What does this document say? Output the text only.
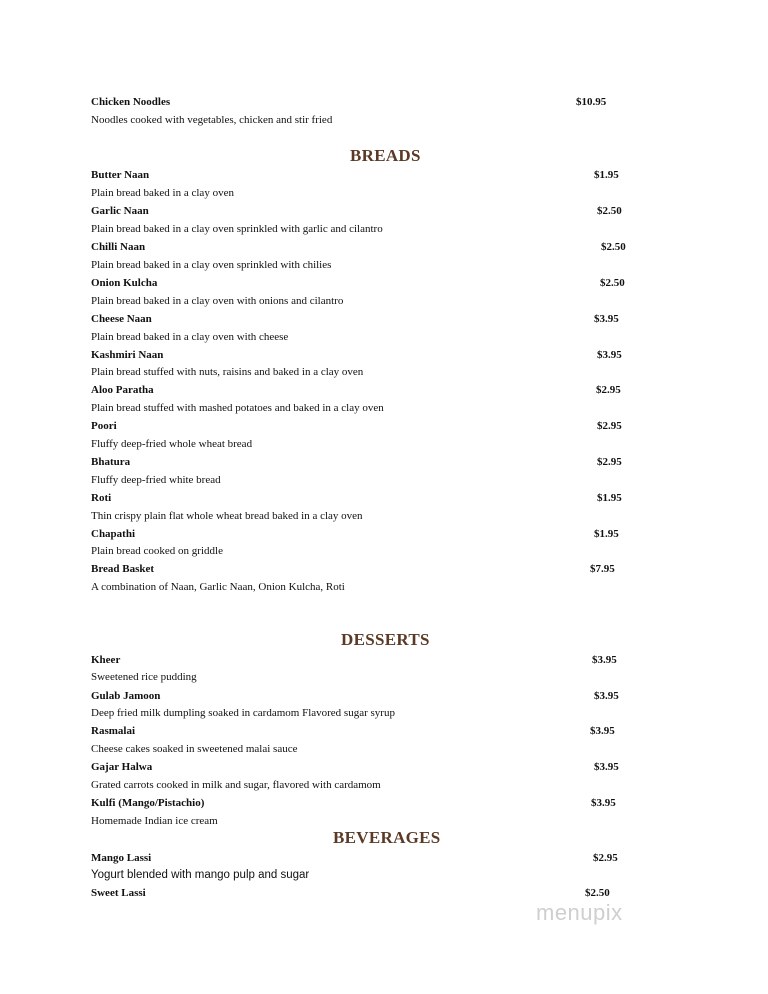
Chicken Noodles	$10.95
Noodles cooked with vegetables, chicken and stir fried
BREADS
Butter Naan	$1.95
Plain bread baked in a clay oven
Garlic Naan	$2.50
Plain bread baked in a clay oven sprinkled with garlic and cilantro
Chilli Naan	$2.50
Plain bread baked in a clay oven sprinkled with chilies
Onion Kulcha	$2.50
Plain bread baked in a clay oven with onions and cilantro
Cheese Naan	$3.95
Plain bread baked in a clay oven with cheese
Kashmiri Naan	$3.95
Plain bread stuffed with nuts, raisins and baked in a clay oven
Aloo Paratha	$2.95
Plain bread stuffed with mashed potatoes and baked in a clay oven
Poori	$2.95
Fluffy deep-fried whole wheat bread
Bhatura	$2.95
Fluffy deep-fried white bread
Roti	$1.95
Thin crispy plain flat whole wheat bread baked in a clay oven
Chapathi	$1.95
Plain bread cooked on griddle
Bread Basket	$7.95
A combination of Naan, Garlic Naan, Onion Kulcha, Roti
DESSERTS
Kheer	$3.95
Sweetened rice pudding
Gulab Jamoon	$3.95
Deep fried milk dumpling soaked in cardamom Flavored sugar syrup
Rasmalai	$3.95
Cheese cakes soaked in sweetened malai sauce
Gajar Halwa	$3.95
Grated carrots cooked in milk and sugar, flavored with cardamom
Kulfi (Mango/Pistachio)	$3.95
Homemade Indian ice cream
BEVERAGES
Mango Lassi	$2.95
Yogurt blended with mango pulp and sugar
Sweet Lassi	$2.50
menupix
